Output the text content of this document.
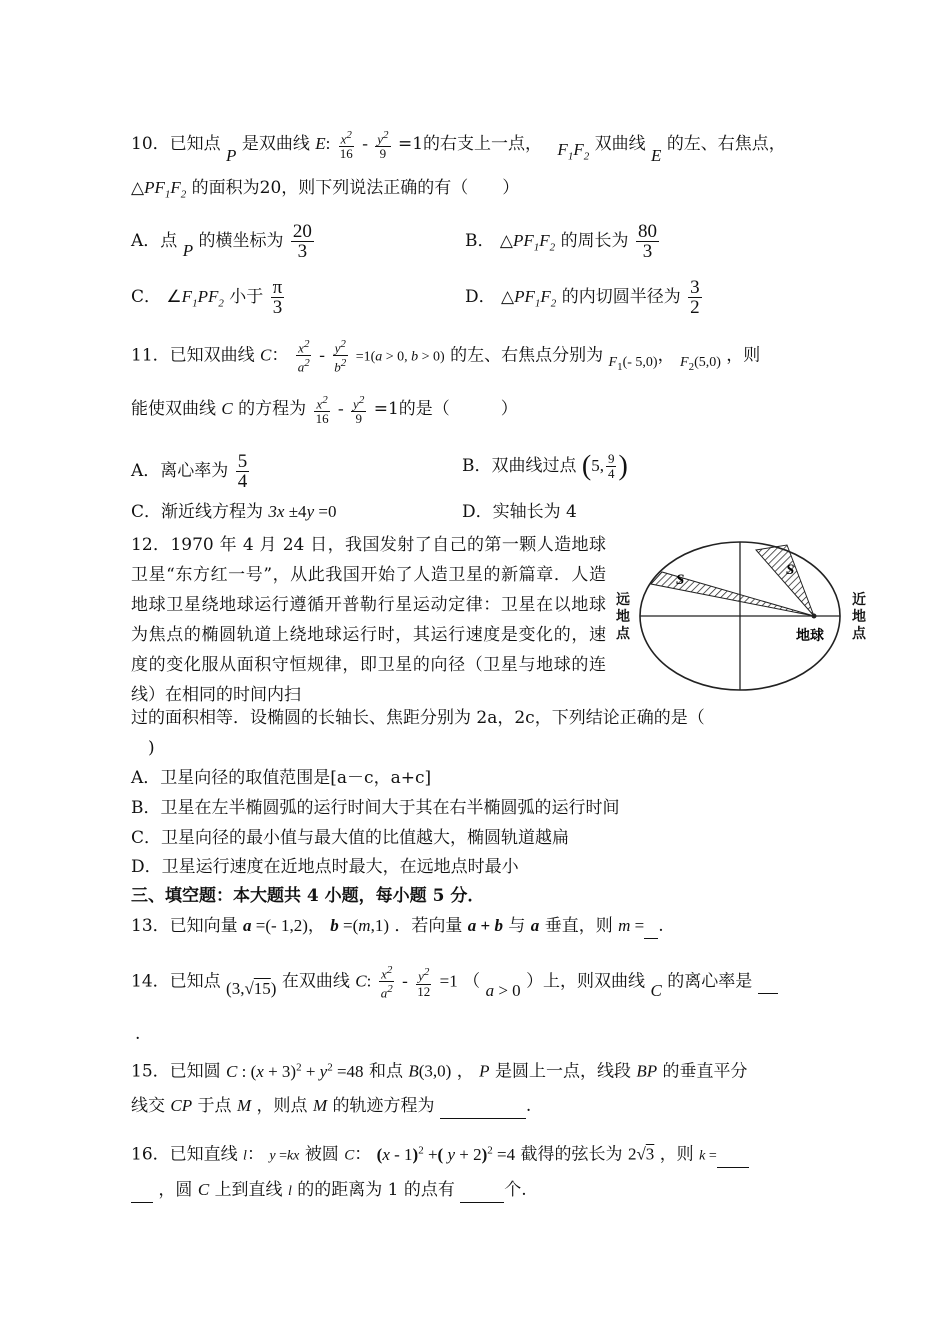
10．已知点 P 是双曲线 E: $\frac{x^2}{16} - \frac{y^2}{9} =1$的右支上一点， $F_1F_2$ 双曲线 E 的左、右焦点，
$\triangle PF_1F_2$ 的面积为20，则下列说法正确的有（　　）
A．点 P 的横坐标为 $\frac{20}{3}$	B． $\triangle PF_1F_2$ 的周长为 $\frac{80}{3}$
C． $\angle F_1PF_2$ 小于 $\frac{\pi}{3}$	D． $\triangle PF_1F_2$ 的内切圆半径为 $\frac{3}{2}$
11．已知双曲线 C： $\frac{x^2}{a^2} - \frac{y^2}{b^2} =1(a > 0$, b > 0) 的左、右焦点分别为 $_{F_1(- 5,0)}$， $_{F_2(5,0)}$ ，则
能使双曲线 C 的方程为 $\frac{x^2}{16} - \frac{y^2}{9} =1$的是（　　　）
A．离心率为 $\frac{5}{4}$	B．双曲线过点 (5, $\frac{9}{4}$ )
C．渐近线方程为 3x ±4y =0	D．实轴长为 4
12．1970 年 4 月 24 日，我国发射了自己的第一颗人造地球卫星“东方红一号”，从此我国开始了人造卫星的新篇章．人造地球卫星绕地球运行遵循开普勒行星运动定律：卫星在以地球为焦点的椭圆轨道上绕地球运行时，其运行速度是变化的，速度的变化服从面积守恒规律，即卫星的向径（卫星与地球的连线）在相同的时间内扫
S
S
地球
远地点
近地点
过的面积相等．设椭圆的长轴长、焦距分别为 2a，2c，下列结论正确的是（
)
A．卫星向径的取值范围是[a－c，a+c]
B．卫星在左半椭圆弧的运行时间大于其在右半椭圆弧的运行时间
C．卫星向径的最小值与最大值的比值越大，椭圆轨道越扁
D．卫星运行速度在近地点时最大，在远地点时最小
三、填空题：本大题共 4 小题，每小题 5 分．
13．已知向量 a =(- 1,2)， b =(m,1) ．若向量 a + b 与 a 垂直，则 m = .
14．已知点 (3,√15) 在双曲线 C: $\frac{x^2}{a^2} - \frac{y^2}{12} =1$ （ a > 0 ）上，则双曲线 C 的离心率是
.
15．已知圆 C : $(x + 3)^2 + y^2 =48$ 和点 B(3,0) ， P 是圆上一点，线段 BP 的垂直平分
线交 CP 于点 M ，则点 M 的轨迹方程为	.
16．已知直线 l： y =kx 被圆 C： (x - 1)$^2$ +( y + 2)$^2$ =4 截得的弦长为 2√3 ，则 k =
，圆 C 上到直线 l 的的距离为 1 的点有	个.
